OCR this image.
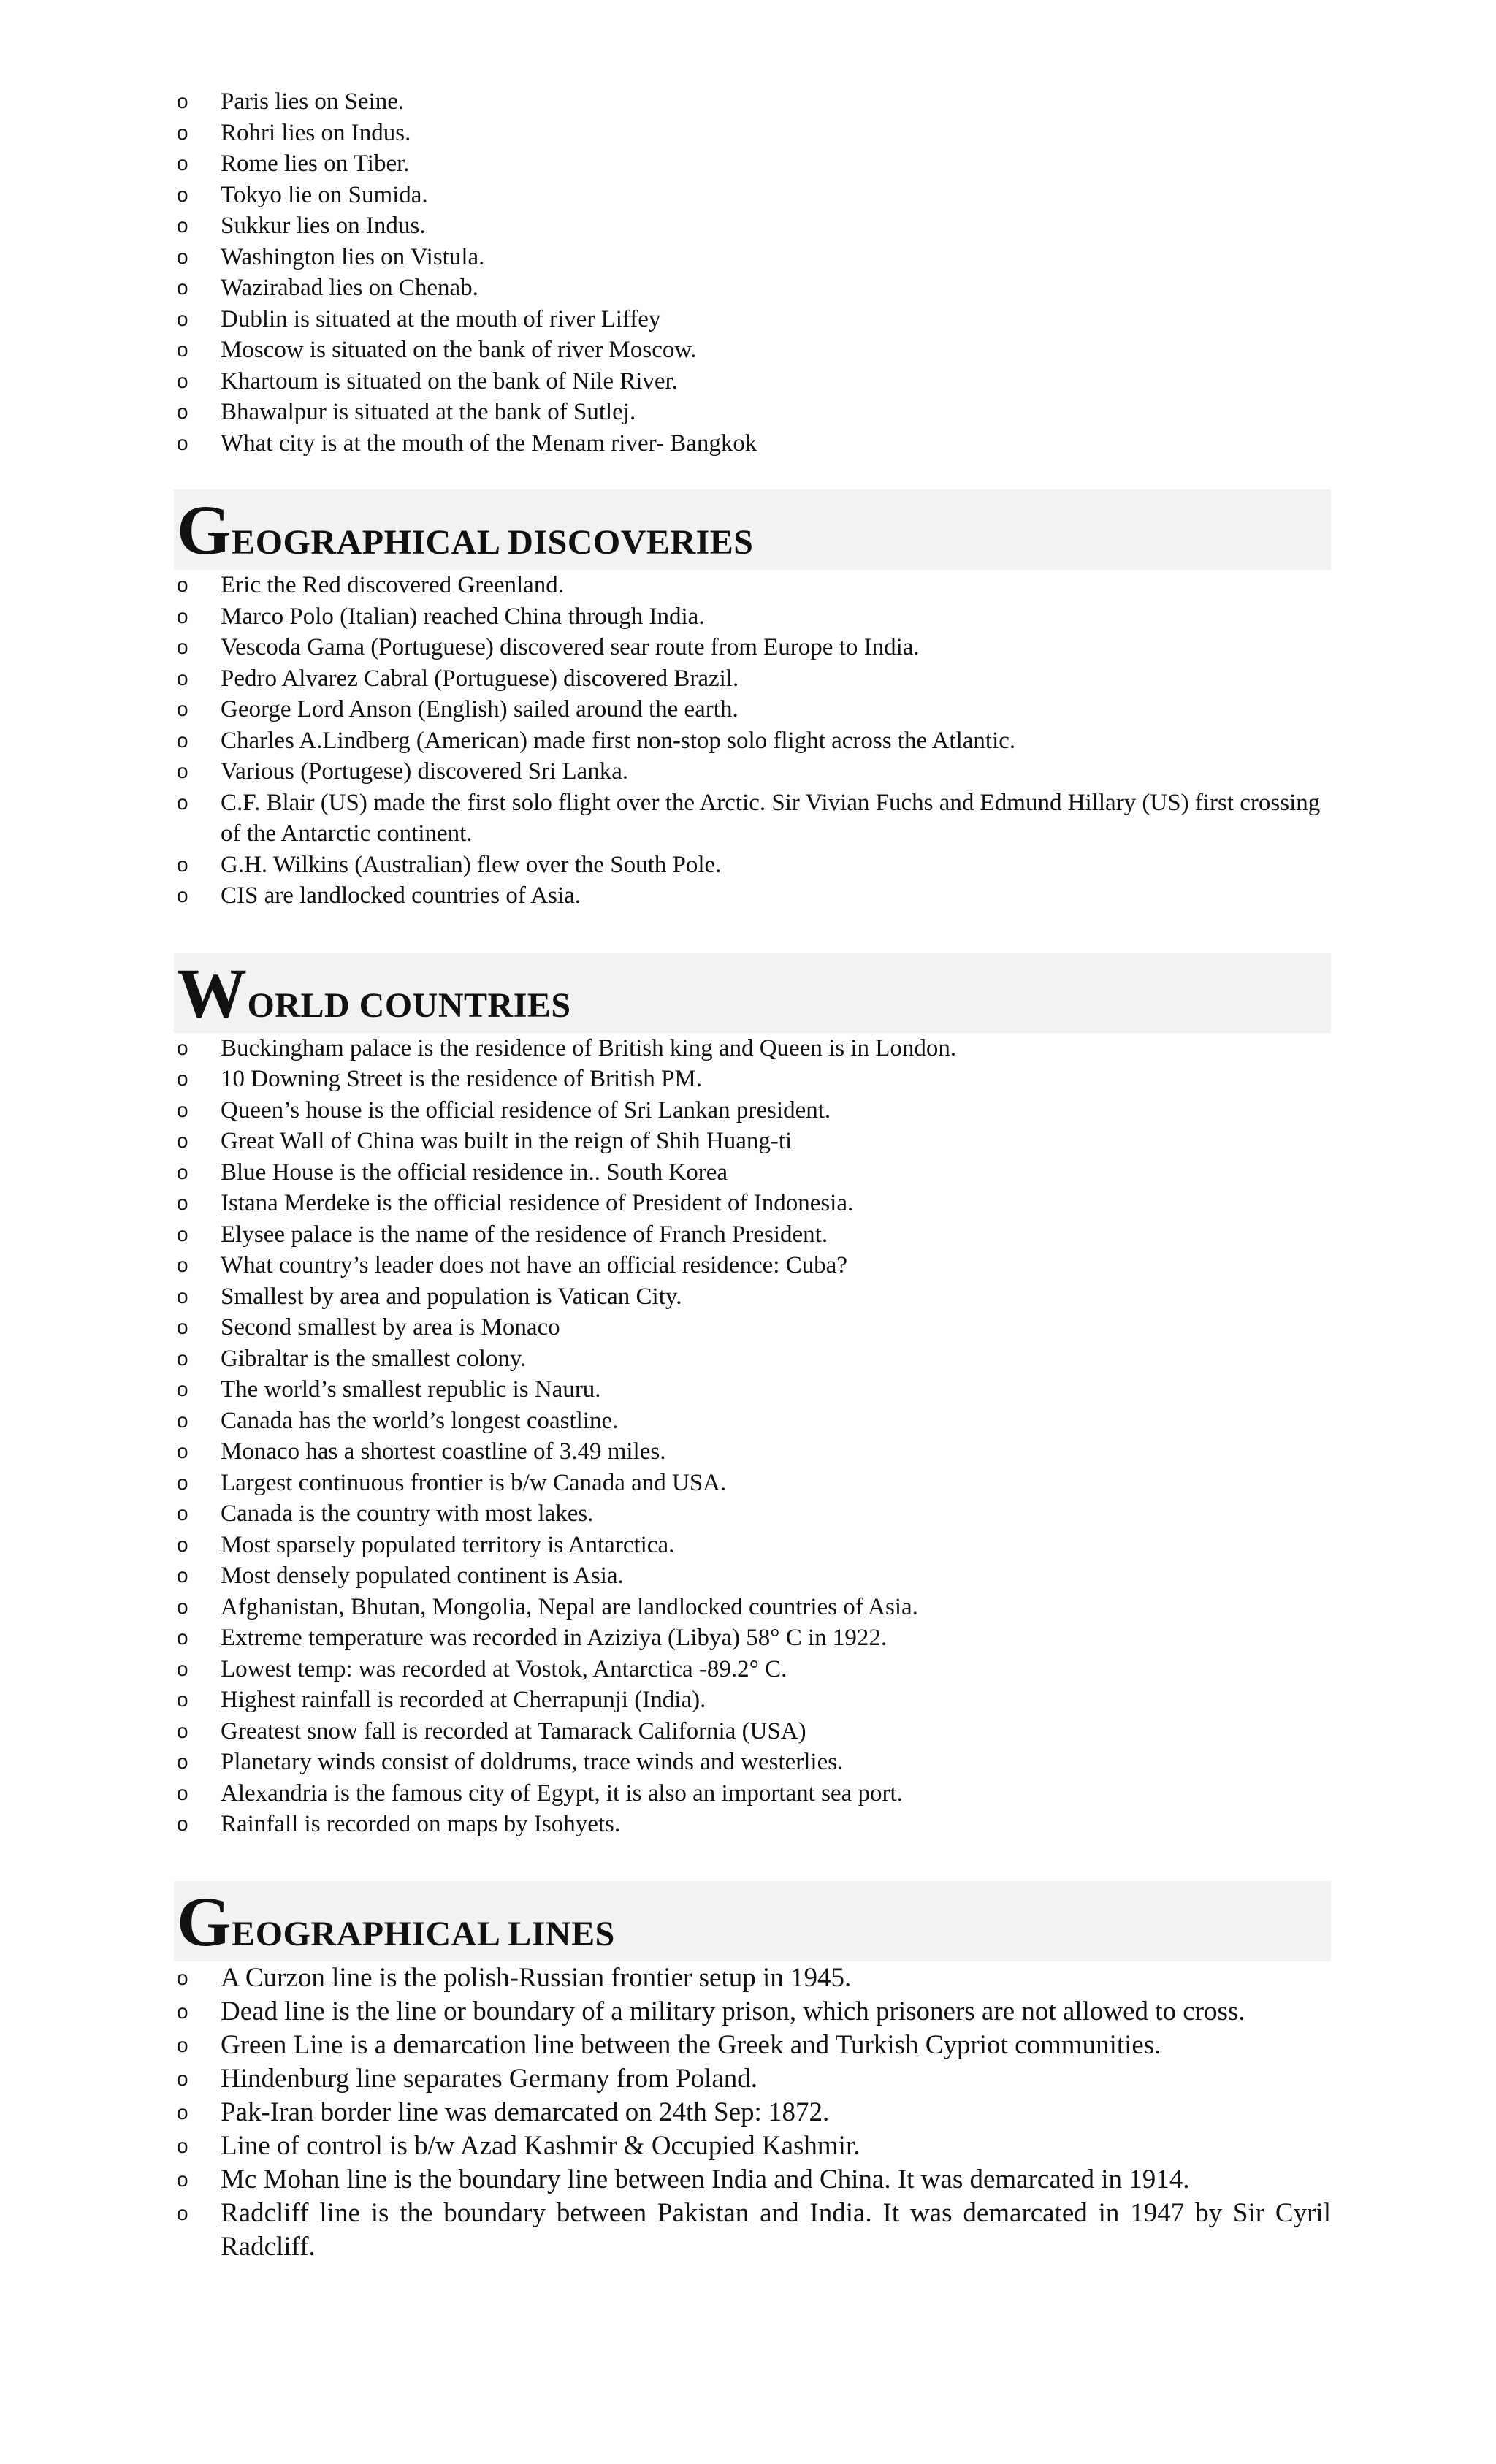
o Paris lies on Seine.
o Rohri lies on Indus.
o Rome lies on Tiber.
o Tokyo lie on Sumida.
o Sukkur lies on Indus.
o Washington lies on Vistula.
o Wazirabad lies on Chenab.
o Dublin is situated at the mouth of river Liffey
o Moscow is situated on the bank of river Moscow.
o Khartoum is situated on the bank of Nile River.
o Bhawalpur is situated at the bank of Sutlej.
o What city is at the mouth of the Menam river- Bangkok
GEOGRAPHICAL DISCOVERIES
o Eric the Red discovered Greenland.
o Marco Polo (Italian) reached China through India.
o Vescoda Gama (Portuguese) discovered sear route from Europe to India.
o Pedro Alvarez Cabral (Portuguese) discovered Brazil.
o George Lord Anson (English) sailed around the earth.
o Charles A.Lindberg (American) made first non-stop solo flight across the Atlantic.
o Various (Portugese) discovered Sri Lanka.
o C.F. Blair (US) made the first solo flight over the Arctic. Sir Vivian Fuchs and Edmund Hillary (US) first crossing of the Antarctic continent.
o G.H. Wilkins (Australian) flew over the South Pole.
o CIS are landlocked countries of Asia.
WORLD COUNTRIES
o Buckingham palace is the residence of British king and Queen is in London.
o 10 Downing Street is the residence of British PM.
o Queen’s house is the official residence of Sri Lankan president.
o Great Wall of China was built in the reign of Shih Huang-ti
o Blue House is the official residence in.. South Korea
o Istana Merdeke is the official residence of President of Indonesia.
o Elysee palace is the name of the residence of Franch President.
o What country’s leader does not have an official residence: Cuba?
o Smallest by area and population is Vatican City.
o Second smallest by area is Monaco
o Gibraltar is the smallest colony.
o The world’s smallest republic is Nauru.
o Canada has the world’s longest coastline.
o Monaco has a shortest coastline of 3.49 miles.
o Largest continuous frontier is b/w Canada and USA.
o Canada is the country with most lakes.
o Most sparsely populated territory is Antarctica.
o Most densely populated continent is Asia.
o Afghanistan, Bhutan, Mongolia, Nepal are landlocked countries of Asia.
o Extreme temperature was recorded in Aziziya (Libya) 58° C in 1922.
o Lowest temp: was recorded at Vostok, Antarctica -89.2° C.
o Highest rainfall is recorded at Cherrapunji (India).
o Greatest snow fall is recorded at Tamarack California (USA)
o Planetary winds consist of doldrums, trace winds and westerlies.
o Alexandria is the famous city of Egypt, it is also an important sea port.
o Rainfall is recorded on maps by Isohyets.
GEOGRAPHICAL LINES
o A Curzon line is the polish-Russian frontier setup in 1945.
o Dead line is the line or boundary of a military prison, which prisoners are not allowed to cross.
o Green Line is a demarcation line between the Greek and Turkish Cypriot communities.
o Hindenburg line separates Germany from Poland.
o Pak-Iran border line was demarcated on 24th Sep: 1872.
o Line of control is b/w Azad Kashmir & Occupied Kashmir.
o Mc Mohan line is the boundary line between India and China. It was demarcated in 1914.
o Radcliff line is the boundary between Pakistan and India. It was demarcated in 1947 by Sir Cyril Radcliff.
